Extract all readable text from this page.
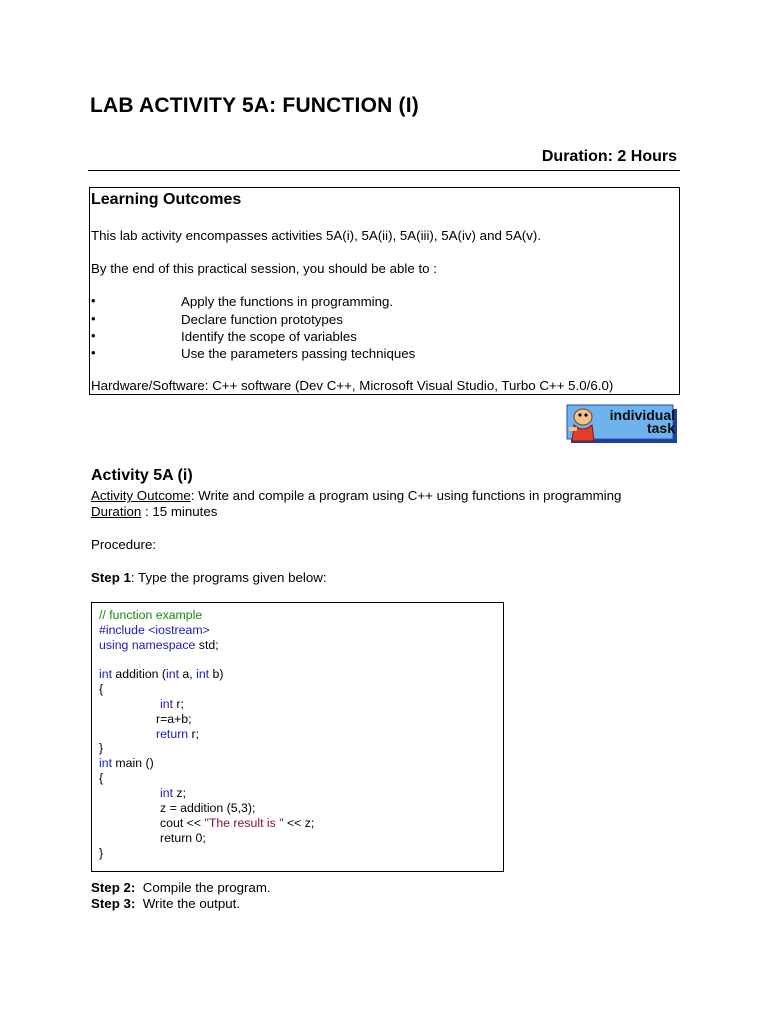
LAB ACTIVITY 5A: FUNCTION (I)
Duration: 2 Hours
Learning Outcomes
This lab activity encompasses activities 5A(i), 5A(ii), 5A(iii), 5A(iv) and 5A(v).
By the end of this practical session, you should be able to :
•	Apply the functions in programming.
•	Declare function prototypes
•	Identify the scope of variables
•	Use the parameters passing techniques
Hardware/Software: C++ software (Dev C++, Microsoft Visual Studio, Turbo C++ 5.0/6.0)
individual
task
Activity 5A (i)
Activity Outcome: Write and compile a program using C++ using functions in programming
Duration : 15 minutes
Procedure:
Step 1: Type the programs given below:
// function example
#include <iostream>
using namespace std;
int addition (int a, int b)
{
int r;
r=a+b;
return r;
}
int main ()
{
int z;
z = addition (5,3);
cout << "The result is " << z;
return 0;
}
Step 2: Compile the program.
Step 3: Write the output.
